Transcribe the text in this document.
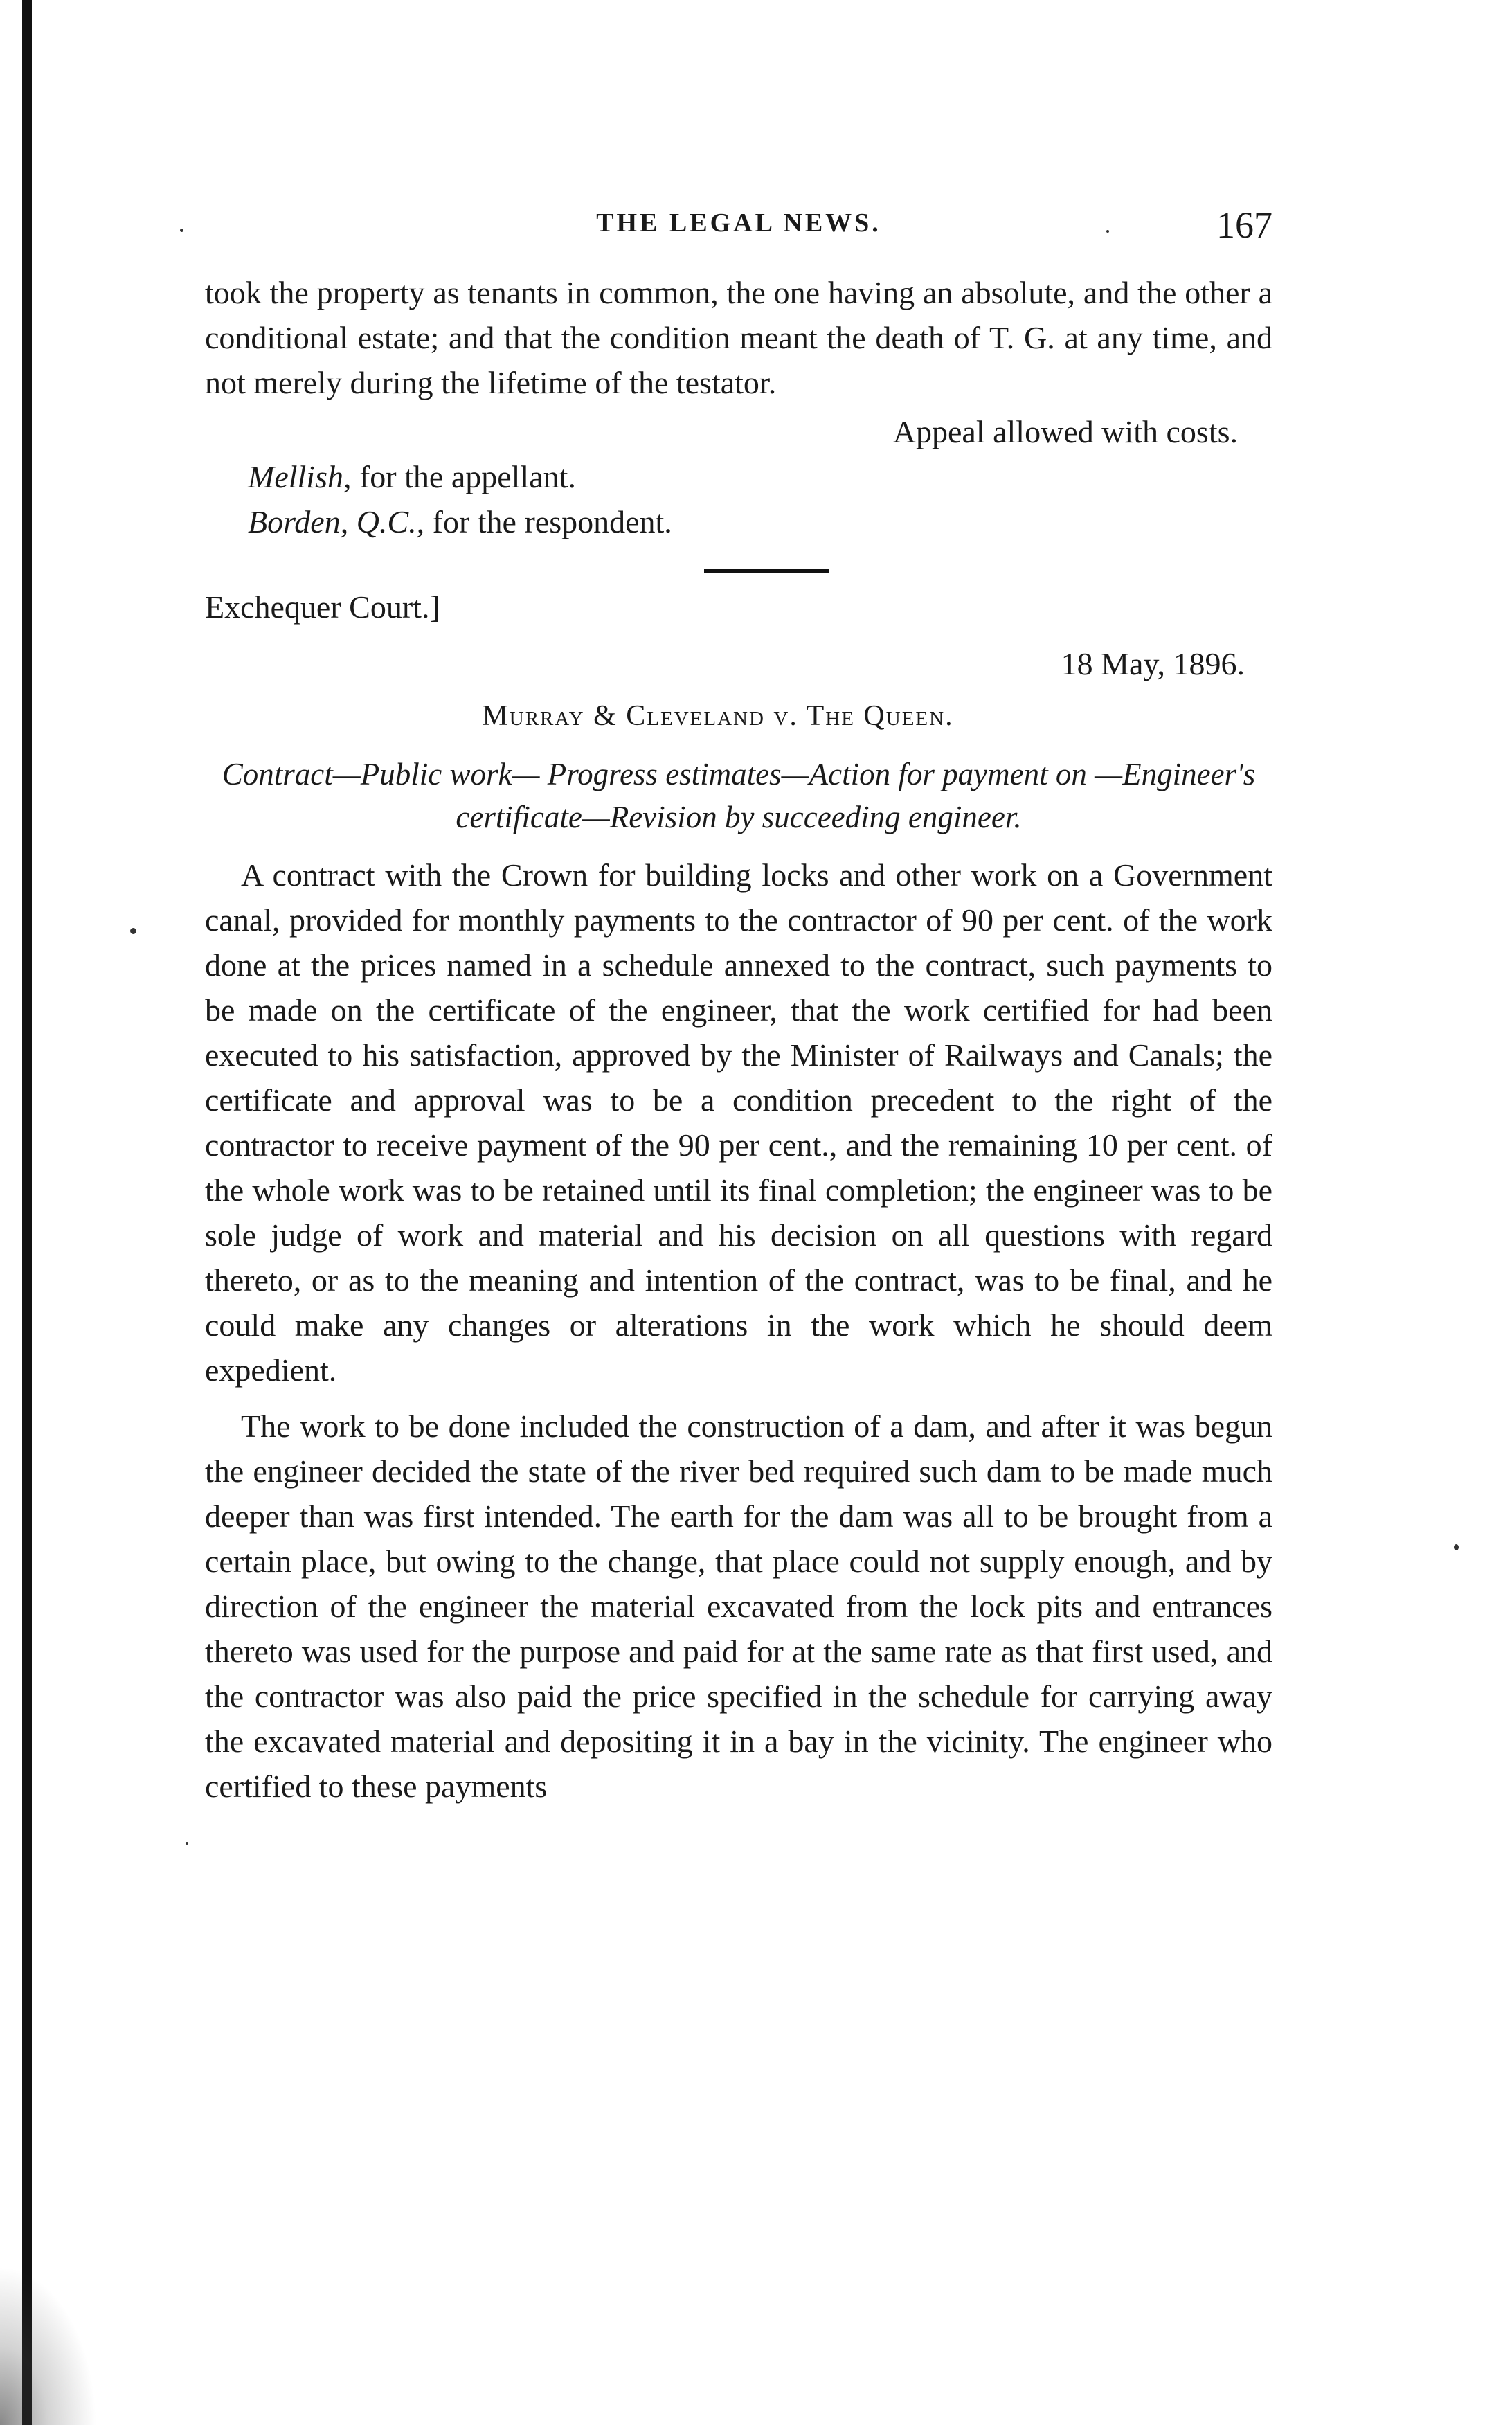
THE LEGAL NEWS.	167

took the property as tenants in common, the one having an absolute, and the other a conditional estate; and that the condition meant the death of T. G. at any time, and not merely during the lifetime of the testator.

Appeal allowed with costs.
Mellish, for the appellant.
Borden, Q.C., for the respondent.
Exchequer Court.]
18 May, 1896.
Murray & Cleveland v. The Queen.
Contract—Public work— Progress estimates—Action for payment on —Engineer's certificate—Revision by succeeding engineer.

A contract with the Crown for building locks and other work on a Government canal, provided for monthly payments to the contractor of 90 per cent. of the work done at the prices named in a schedule annexed to the contract, such payments to be made on the certificate of the engineer, that the work certified for had been executed to his satisfaction, approved by the Minister of Railways and Canals; the certificate and approval was to be a condition precedent to the right of the contractor to receive payment of the 90 per cent., and the remaining 10 per cent. of the whole work was to be retained until its final completion; the engineer was to be sole judge of work and material and his decision on all questions with regard thereto, or as to the meaning and intention of the contract, was to be final, and he could make any changes or alterations in the work which he should deem expedient.

The work to be done included the construction of a dam, and after it was begun the engineer decided the state of the river bed required such dam to be made much deeper than was first intended. The earth for the dam was all to be brought from a certain place, but owing to the change, that place could not supply enough, and by direction of the engineer the material excavated from the lock pits and entrances thereto was used for the purpose and paid for at the same rate as that first used, and the contractor was also paid the price specified in the schedule for carrying away the excavated material and depositing it in a bay in the vicinity. The engineer who certified to these payments
